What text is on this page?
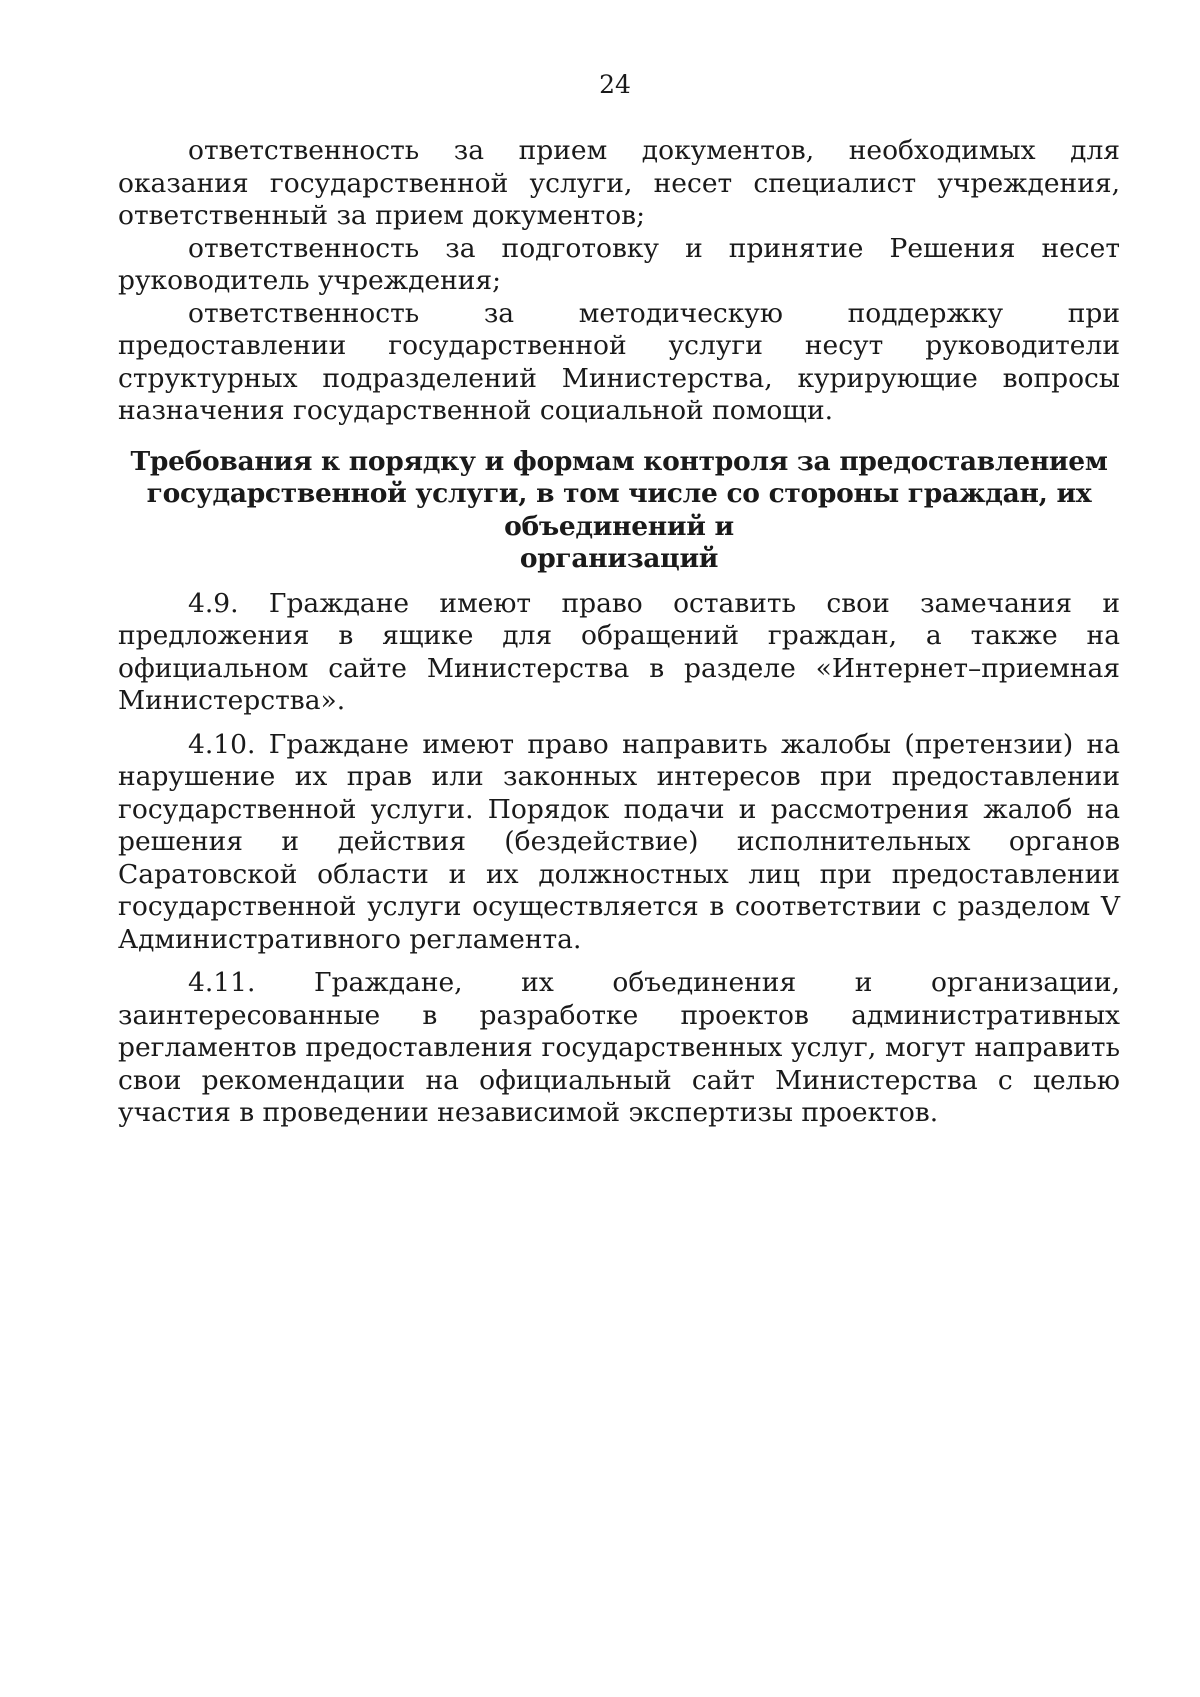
24

ответственность за прием документов, необходимых для оказания государственной услуги, несет специалист учреждения, ответственный за прием документов;

ответственность за подготовку и принятие Решения несет руководитель учреждения;

ответственность за методическую поддержку при предоставлении государственной услуги несут руководители структурных подразделений Министерства, курирующие вопросы назначения государственной социальной помощи.

Требования к порядку и формам контроля за предоставлением
государственной услуги, в том числе со стороны граждан, их объединений и
организаций

4.9. Граждане имеют право оставить свои замечания и предложения в ящике для обращений граждан, а также на официальном сайте Министерства в разделе «Интернет–приемная Министерства».

4.10. Граждане имеют право направить жалобы (претензии) на нарушение их прав или законных интересов при предоставлении государственной услуги. Порядок подачи и рассмотрения жалоб на решения и действия (бездействие) исполнительных органов Саратовской области и их должностных лиц при предоставлении государственной услуги осуществляется в соответствии с разделом V Административного регламента.

4.11. Граждане, их объединения и организации, заинтересованные в разработке проектов административных регламентов предоставления государственных услуг, могут направить свои рекомендации на официальный сайт Министерства с целью участия в проведении независимой экспертизы проектов.
